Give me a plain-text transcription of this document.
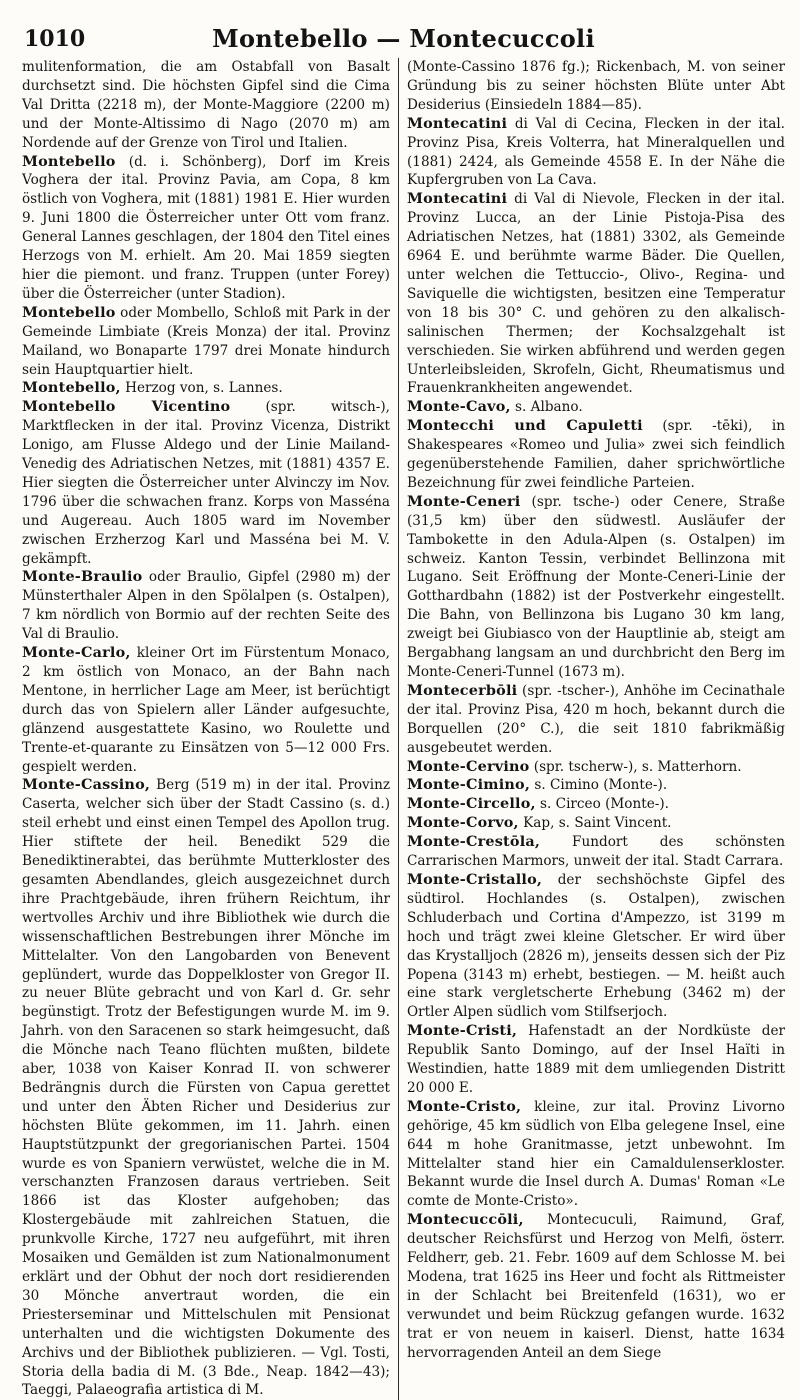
1010	Montebello — Montecuccoli

mulitenformation, die am Ostabfall von Basalt durchsetzt sind. Die höchsten Gipfel sind die Cima Val Dritta (2218 m), der Monte-Maggiore (2200 m) und der Monte-Altissimo di Nago (2070 m) am Nordende auf der Grenze von Tirol und Italien.

Montebello (d. i. Schönberg), Dorf im Kreis Voghera der ital. Provinz Pavia, am Copa, 8 km östlich von Voghera, mit (1881) 1981 E. Hier wurden 9. Juni 1800 die Österreicher unter Ott vom franz. General Lannes geschlagen, der 1804 den Titel eines Herzogs von M. erhielt. Am 20. Mai 1859 siegten hier die piemont. und franz. Truppen (unter Forey) über die Österreicher (unter Stadion).

Montebello oder Mombello, Schloß mit Park in der Gemeinde Limbiate (Kreis Monza) der ital. Provinz Mailand, wo Bonaparte 1797 drei Monate hindurch sein Hauptquartier hielt.

Montebello, Herzog von, s. Lannes.

Montebello Vicentino (spr. witsch-), Marktflecken in der ital. Provinz Vicenza, Distrikt Lonigo, am Flusse Aldego und der Linie Mailand-Venedig des Adriatischen Netzes, mit (1881) 4357 E. Hier siegten die Österreicher unter Alvinczy im Nov. 1796 über die schwachen franz. Korps von Masséna und Augereau. Auch 1805 ward im November zwischen Erzherzog Karl und Masséna bei M. V. gekämpft.

Monte-Braulio oder Braulio, Gipfel (2980 m) der Münsterthaler Alpen in den Spölalpen (s. Ostalpen), 7 km nördlich von Bormio auf der rechten Seite des Val di Braulio.

Monte-Carlo, kleiner Ort im Fürstentum Monaco, 2 km östlich von Monaco, an der Bahn nach Mentone, in herrlicher Lage am Meer, ist berüchtigt durch das von Spielern aller Länder aufgesuchte, glänzend ausgestattete Kasino, wo Roulette und Trente-et-quarante zu Einsätzen von 5—12 000 Frs. gespielt werden.

Monte-Cassino, Berg (519 m) in der ital. Provinz Caserta, welcher sich über der Stadt Cassino (s. d.) steil erhebt und einst einen Tempel des Apollon trug. Hier stiftete der heil. Benedikt 529 die Benediktinerabtei, das berühmte Mutterkloster des gesamten Abendlandes, gleich ausgezeichnet durch ihre Prachtgebäude, ihren frühern Reichtum, ihr wertvolles Archiv und ihre Bibliothek wie durch die wissenschaftlichen Bestrebungen ihrer Mönche im Mittelalter. Von den Langobarden von Benevent geplündert, wurde das Doppelkloster von Gregor II. zu neuer Blüte gebracht und von Karl d. Gr. sehr begünstigt. Trotz der Befestigungen wurde M. im 9. Jahrh. von den Saracenen so stark heimgesucht, daß die Mönche nach Teano flüchten mußten, bildete aber, 1038 von Kaiser Konrad II. von schwerer Bedrängnis durch die Fürsten von Capua gerettet und unter den Äbten Richer und Desiderius zur höchsten Blüte gekommen, im 11. Jahrh. einen Hauptstützpunkt der gregorianischen Partei. 1504 wurde es von Spaniern verwüstet, welche die in M. verschanzten Franzosen daraus vertrieben. Seit 1866 ist das Kloster aufgehoben; das Klostergebäude mit zahlreichen Statuen, die prunkvolle Kirche, 1727 neu aufgeführt, mit ihren Mosaiken und Gemälden ist zum Nationalmonument erklärt und der Obhut der noch dort residierenden 30 Mönche anvertraut worden, die ein Priesterseminar und Mittelschulen mit Pensionat unterhalten und die wichtigsten Dokumente des Archivs und der Bibliothek publizieren. — Vgl. Tosti, Storia della badia di M. (3 Bde., Neap. 1842—43); Taeggi, Palaeografia artistica di M.

(Monte-Cassino 1876 fg.); Rickenbach, M. von seiner Gründung bis zu seiner höchsten Blüte unter Abt Desiderius (Einsiedeln 1884—85).

Montecatini di Val di Cecina, Flecken in der ital. Provinz Pisa, Kreis Volterra, hat Mineralquellen und (1881) 2424, als Gemeinde 4558 E. In der Nähe die Kupfergruben von La Cava.

Montecatini di Val di Nievole, Flecken in der ital. Provinz Lucca, an der Linie Pistoja-Pisa des Adriatischen Netzes, hat (1881) 3302, als Gemeinde 6964 E. und berühmte warme Bäder. Die Quellen, unter welchen die Tettuccio-, Olivo-, Regina- und Saviquelle die wichtigsten, besitzen eine Temperatur von 18 bis 30° C. und gehören zu den alkalisch-salinischen Thermen; der Kochsalzgehalt ist verschieden. Sie wirken abführend und werden gegen Unterleibsleiden, Skrofeln, Gicht, Rheumatismus und Frauenkrankheiten angewendet.

Monte-Cavo, s. Albano.

Montecchi und Capuletti (spr. -tēki), in Shakespeares «Romeo und Julia» zwei sich feindlich gegenüberstehende Familien, daher sprichwörtliche Bezeichnung für zwei feindliche Parteien.

Monte-Ceneri (spr. tsche-) oder Cenere, Straße (31,5 km) über den südwestl. Ausläufer der Tambokette in den Adula-Alpen (s. Ostalpen) im schweiz. Kanton Tessin, verbindet Bellinzona mit Lugano. Seit Eröffnung der Monte-Ceneri-Linie der Gotthardbahn (1882) ist der Postverkehr eingestellt. Die Bahn, von Bellinzona bis Lugano 30 km lang, zweigt bei Giubiasco von der Hauptlinie ab, steigt am Bergabhang langsam an und durchbricht den Berg im Monte-Ceneri-Tunnel (1673 m).

Montecerbōli (spr. -tscher-), Anhöhe im Cecinathale der ital. Provinz Pisa, 420 m hoch, bekannt durch die Borquellen (20° C.), die seit 1810 fabrikmäßig ausgebeutet werden.

Monte-Cervino (spr. tscherw-), s. Matterhorn.

Monte-Cimino, s. Cimino (Monte-).

Monte-Circello, s. Circeo (Monte-).

Monte-Corvo, Kap, s. Saint Vincent.

Monte-Crestōla, Fundort des schönsten Carrarischen Marmors, unweit der ital. Stadt Carrara.

Monte-Cristallo, der sechshöchste Gipfel des südtirol. Hochlandes (s. Ostalpen), zwischen Schluderbach und Cortina d'Ampezzo, ist 3199 m hoch und trägt zwei kleine Gletscher. Er wird über das Krystalljoch (2826 m), jenseits dessen sich der Piz Popena (3143 m) erhebt, bestiegen. — M. heißt auch eine stark vergletscherte Erhebung (3462 m) der Ortler Alpen südlich vom Stilfserjoch.

Monte-Cristi, Hafenstadt an der Nordküste der Republik Santo Domingo, auf der Insel Haïti in Westindien, hatte 1889 mit dem umliegenden Distritt 20 000 E.

Monte-Cristo, kleine, zur ital. Provinz Livorno gehörige, 45 km südlich von Elba gelegene Insel, eine 644 m hohe Granitmasse, jetzt unbewohnt. Im Mittelalter stand hier ein Camaldulenserkloster. Bekannt wurde die Insel durch A. Dumas' Roman «Le comte de Monte-Cristo».

Montecuccōli, Montecuculi, Raimund, Graf, deutscher Reichsfürst und Herzog von Melfi, österr. Feldherr, geb. 21. Febr. 1609 auf dem Schlosse M. bei Modena, trat 1625 ins Heer und focht als Rittmeister in der Schlacht bei Breitenfeld (1631), wo er verwundet und beim Rückzug gefangen wurde. 1632 trat er von neuem in kaiserl. Dienst, hatte 1634 hervorragenden Anteil an dem Siege
